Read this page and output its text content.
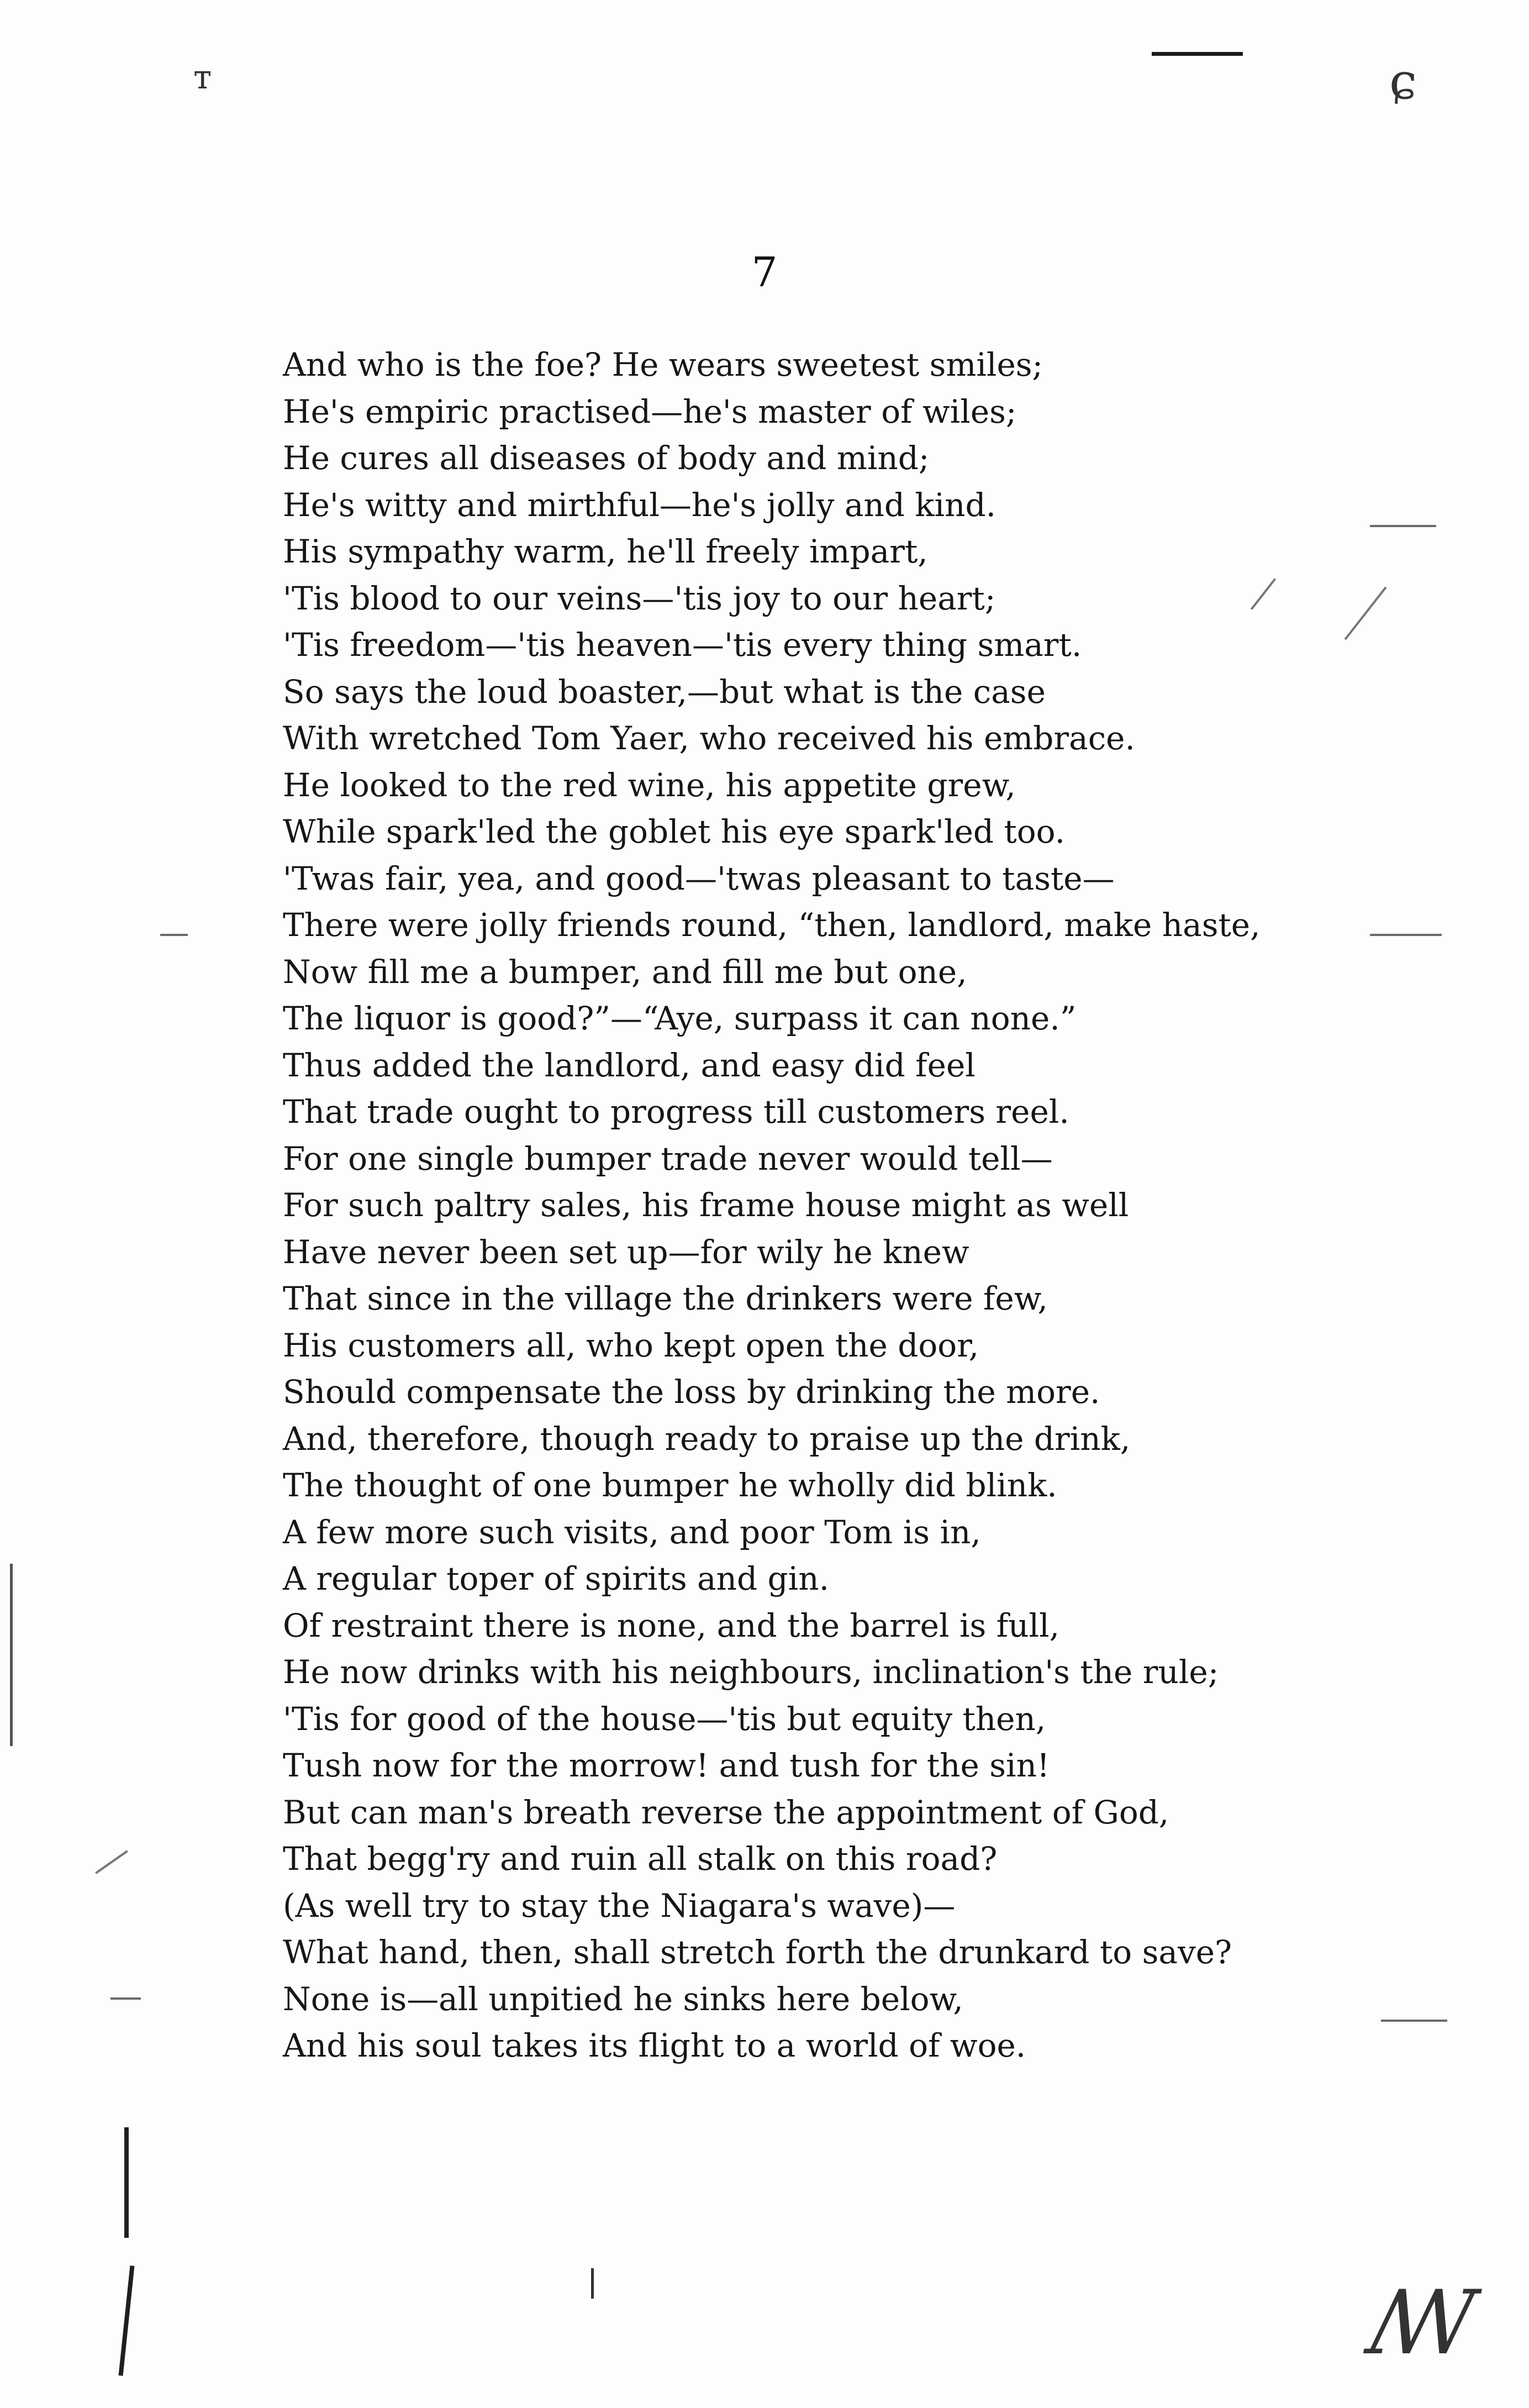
ᴛ	ɕ

7

And who is the foe? He wears sweetest smiles;
He's empiric practised—he's master of wiles;
He cures all diseases of body and mind;
He's witty and mirthful—he's jolly and kind.
His sympathy warm, he'll freely impart,
'Tis blood to our veins—'tis joy to our heart;
'Tis freedom—'tis heaven—'tis every thing smart.
So says the loud boaster,—but what is the case
With wretched Tom Yaer, who received his embrace.
He looked to the red wine, his appetite grew,
While spark'led the goblet his eye spark'led too.
'Twas fair, yea, and good—'twas pleasant to taste—
There were jolly friends round, “then, landlord, make haste,
Now fill me a bumper, and fill me but one,
The liquor is good?”—“Aye, surpass it can none.”
Thus added the landlord, and easy did feel
That trade ought to progress till customers reel.
For one single bumper trade never would tell—
For such paltry sales, his frame house might as well
Have never been set up—for wily he knew
That since in the village the drinkers were few,
His customers all, who kept open the door,
Should compensate the loss by drinking the more.
And, therefore, though ready to praise up the drink,
The thought of one bumper he wholly did blink.
A few more such visits, and poor Tom is in,
A regular toper of spirits and gin.
Of restraint there is none, and the barrel is full,
He now drinks with his neighbours, inclination's the rule;
'Tis for good of the house—'tis but equity then,
Tush now for the morrow! and tush for the sin!
But can man's breath reverse the appointment of God,
That begg'ry and ruin all stalk on this road?
(As well try to stay the Niagara's wave)—
What hand, then, shall stretch forth the drunkard to save?
None is—all unpitied he sinks here below,
And his soul takes its flight to a world of woe.
ꟿ
